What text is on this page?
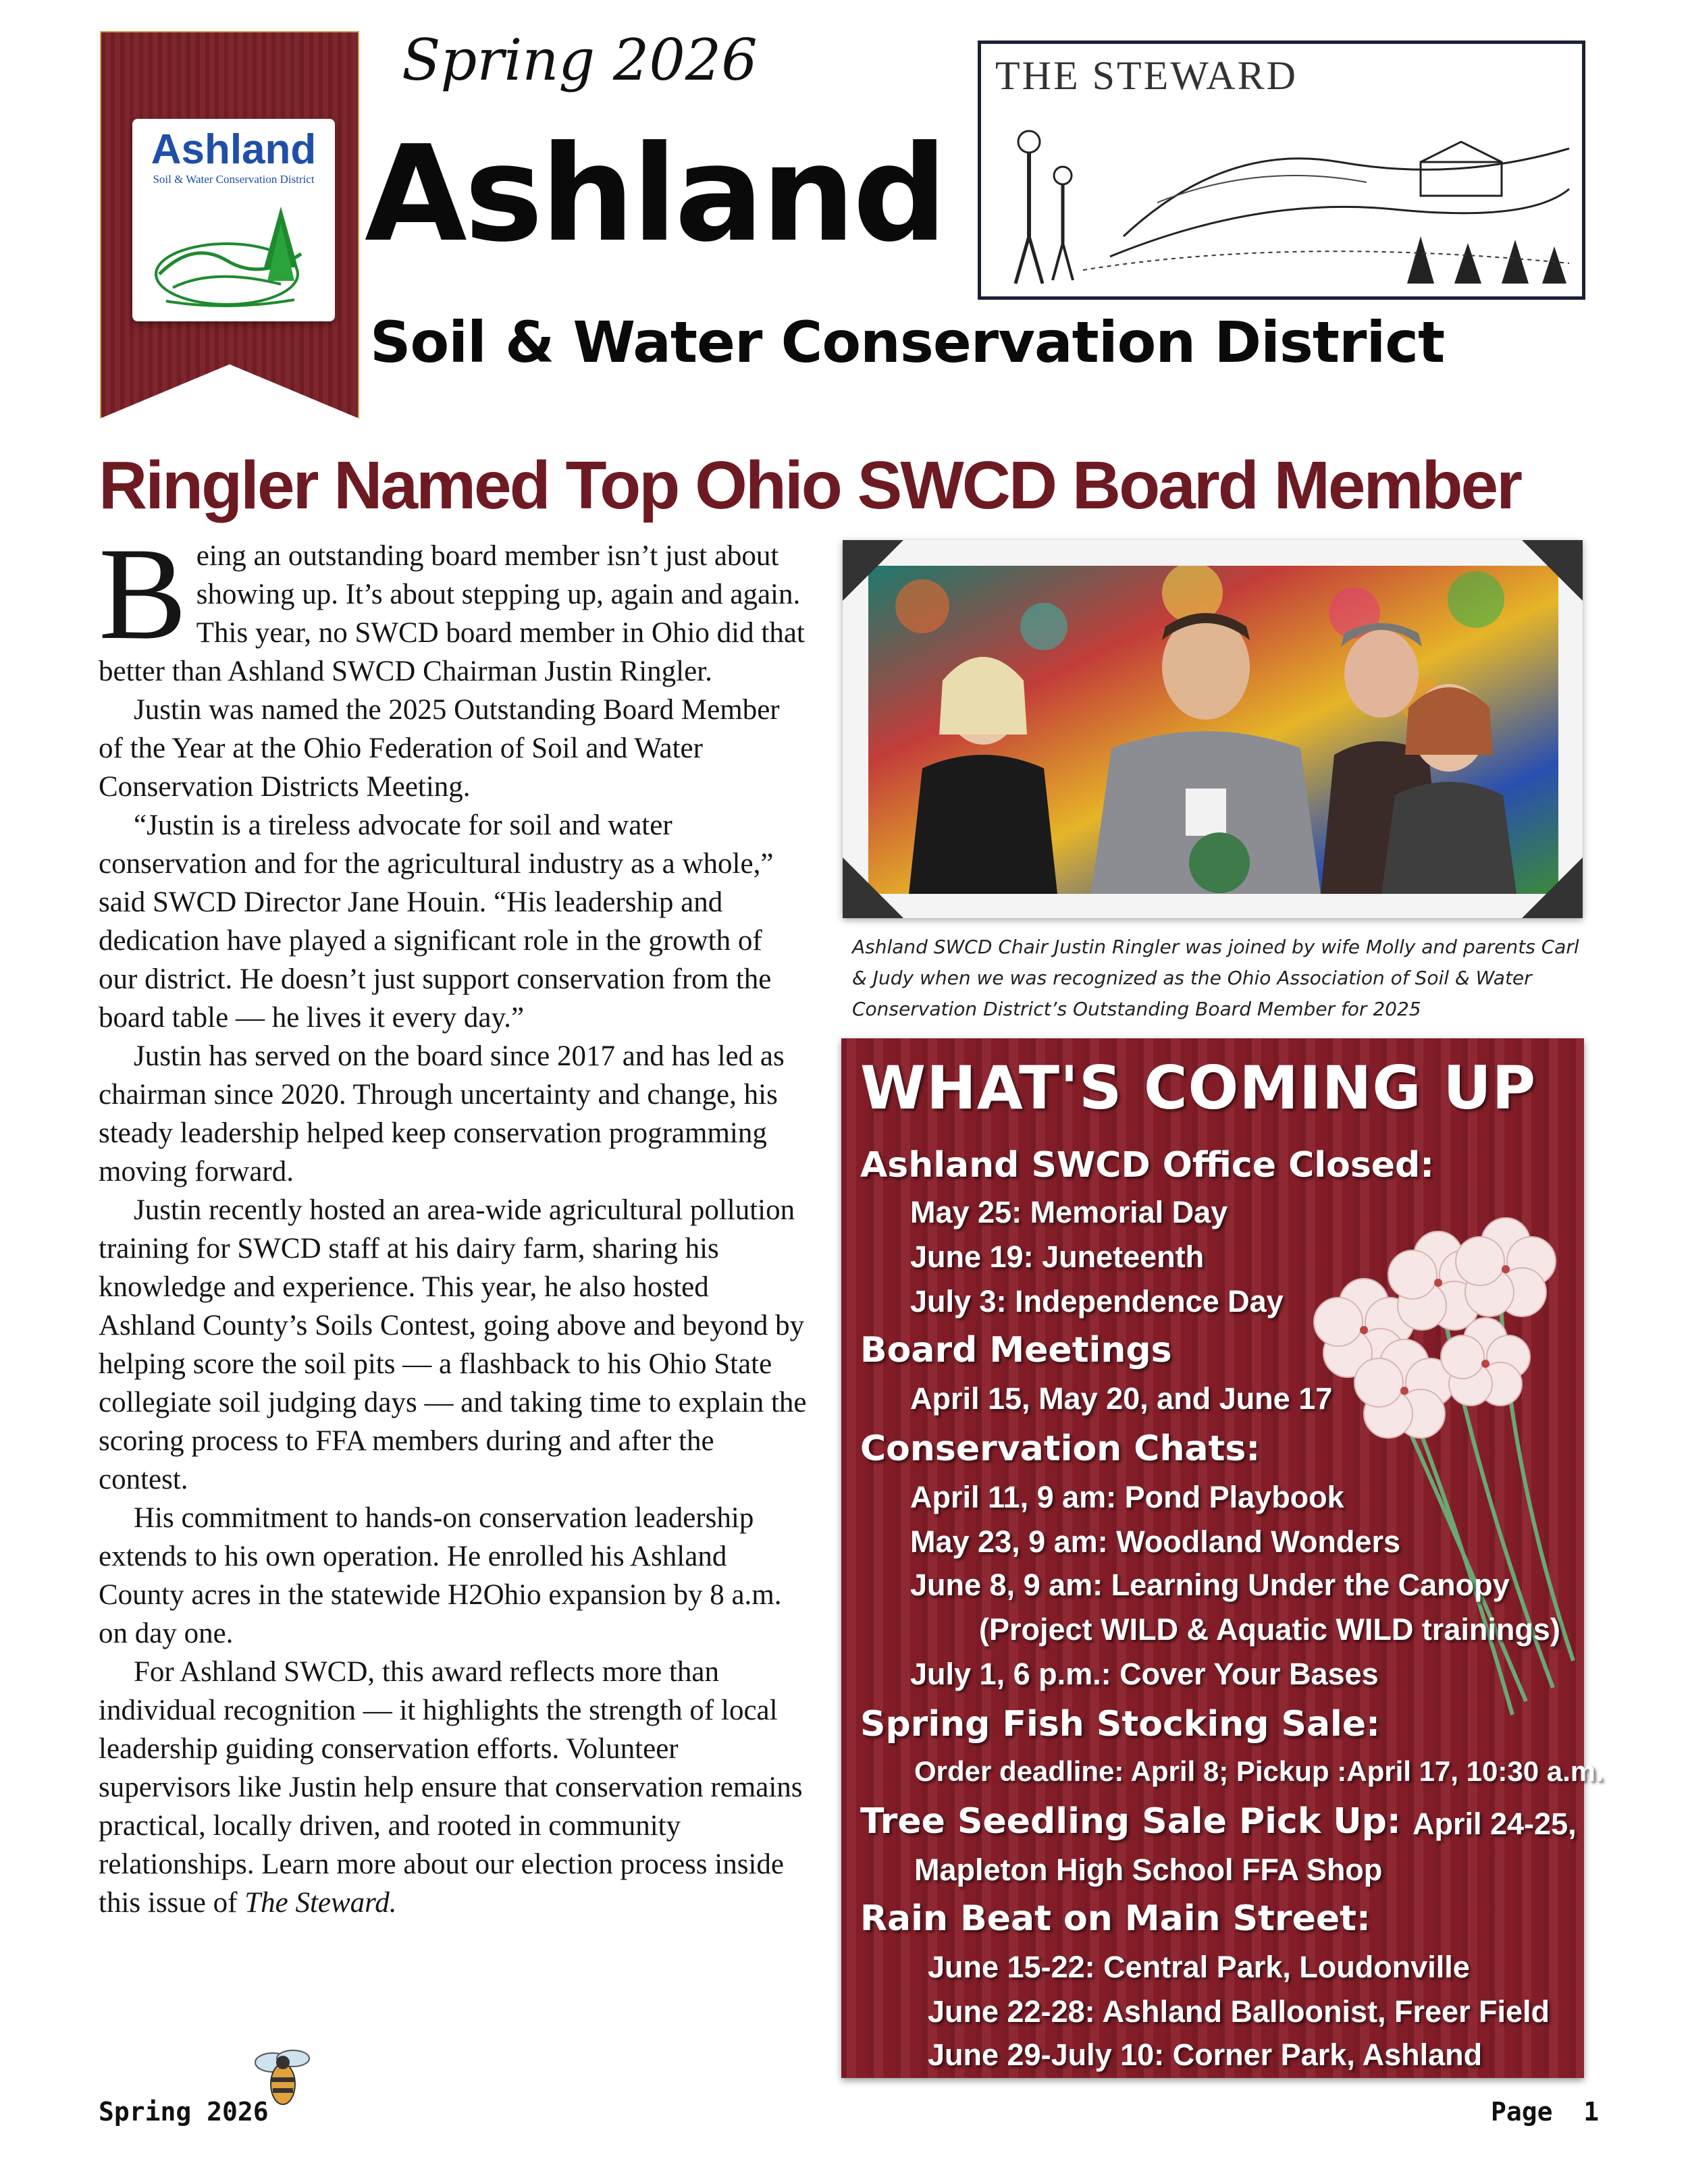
Ashland
Soil & Water Conservation District
Spring 2026
Ashland
Soil & Water Conservation District
THE STEWARD
Ringler Named Top Ohio SWCD Board Member

Being an outstanding board member isn’t just about showing up. It’s about stepping up, again and again. This year, no SWCD board member in Ohio did that better than Ashland SWCD Chairman Justin Ringler.

Justin was named the 2025 Outstanding Board Member of the Year at the Ohio Federation of Soil and Water Conservation Districts Meeting.

“Justin is a tireless advocate for soil and water conservation and for the agricultural industry as a whole,” said SWCD Director Jane Houin. “His leadership and dedication have played a significant role in the growth of our district. He doesn’t just support conservation from the board table — he lives it every day.”

Justin has served on the board since 2017 and has led as chairman since 2020. Through uncertainty and change, his steady leadership helped keep conservation programming moving forward.

Justin recently hosted an area-wide agricultural pollution training for SWCD staff at his dairy farm, sharing his knowledge and experience. This year, he also hosted Ashland County’s Soils Contest, going above and beyond by helping score the soil pits — a flashback to his Ohio State collegiate soil judging days — and taking time to explain the scoring process to FFA members during and after the contest.

His commitment to hands-on conservation leadership extends to his own operation. He enrolled his Ashland County acres in the statewide H2Ohio expansion by 8 a.m. on day one.

For Ashland SWCD, this award reflects more than individual recognition — it highlights the strength of local leadership guiding conservation efforts. Volunteer supervisors like Justin help ensure that conservation remains practical, locally driven, and rooted in community relationships. Learn more about our election process inside this issue of The Steward.

Ashland SWCD Chair Justin Ringler was joined by wife Molly and parents Carl & Judy when we was recognized as the Ohio Association of Soil & Water Conservation District’s Outstanding Board Member for 2025
WHAT'S COMING UP
Ashland SWCD Office Closed:
May 25: Memorial Day
June 19: Juneteenth
July 3: Independence Day
Board Meetings
April 15, May 20, and June 17
Conservation Chats:
April 11, 9 am: Pond Playbook
May 23, 9 am: Woodland Wonders
June 8, 9 am: Learning Under the Canopy
(Project WILD & Aquatic WILD trainings)
July 1, 6 p.m.: Cover Your Bases
Spring Fish Stocking Sale:
Order deadline: April 8; Pickup :April 17, 10:30 a.m.
Tree Seedling Sale Pick Up: April 24-25,
Mapleton High School FFA Shop
Rain Beat on Main Street:
June 15-22: Central Park, Loudonville
June 22-28: Ashland Balloonist, Freer Field
June 29-July 10: Corner Park, Ashland
Spring 2026	Page  1
